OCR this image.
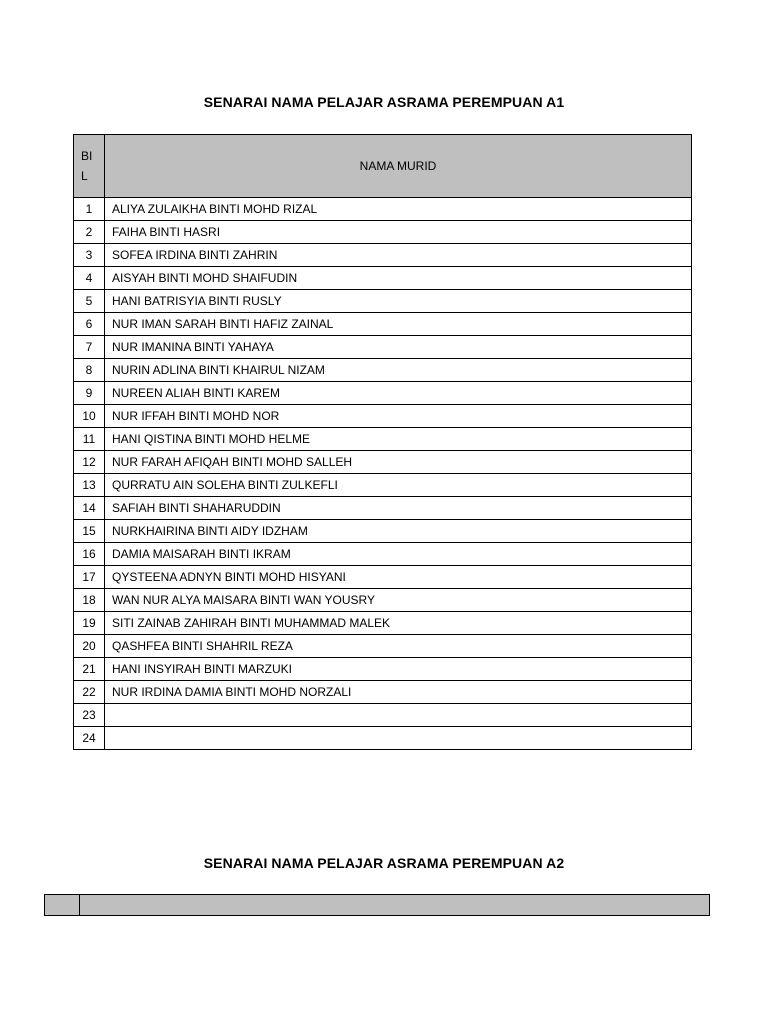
SENARAI NAMA PELAJAR ASRAMA PEREMPUAN A1
BI
L	NAMA MURID
1	ALIYA ZULAIKHA BINTI MOHD RIZAL
2	FAIHA BINTI HASRI
3	SOFEA IRDINA BINTI ZAHRIN
4	AISYAH BINTI MOHD SHAIFUDIN
5	HANI BATRISYIA BINTI RUSLY
6	NUR IMAN SARAH BINTI HAFIZ ZAINAL
7	NUR IMANINA BINTI YAHAYA
8	NURIN ADLINA BINTI KHAIRUL NIZAM
9	NUREEN ALIAH BINTI KAREM
10	NUR IFFAH BINTI MOHD NOR
11	HANI QISTINA BINTI MOHD HELME
12	NUR FARAH AFIQAH BINTI MOHD SALLEH
13	QURRATU AIN SOLEHA BINTI ZULKEFLI
14	SAFIAH BINTI SHAHARUDDIN
15	NURKHAIRINA BINTI AIDY IDZHAM
16	DAMIA MAISARAH BINTI IKRAM
17	QYSTEENA ADNYN BINTI MOHD HISYANI
18	WAN NUR ALYA MAISARA BINTI WAN YOUSRY
19	SITI ZAINAB ZAHIRAH BINTI MUHAMMAD MALEK
20	QASHFEA BINTI SHAHRIL REZA
21	HANI INSYIRAH BINTI MARZUKI
22	NUR IRDINA DAMIA BINTI MOHD NORZALI
23	
24	
SENARAI NAMA PELAJAR ASRAMA PEREMPUAN A2
